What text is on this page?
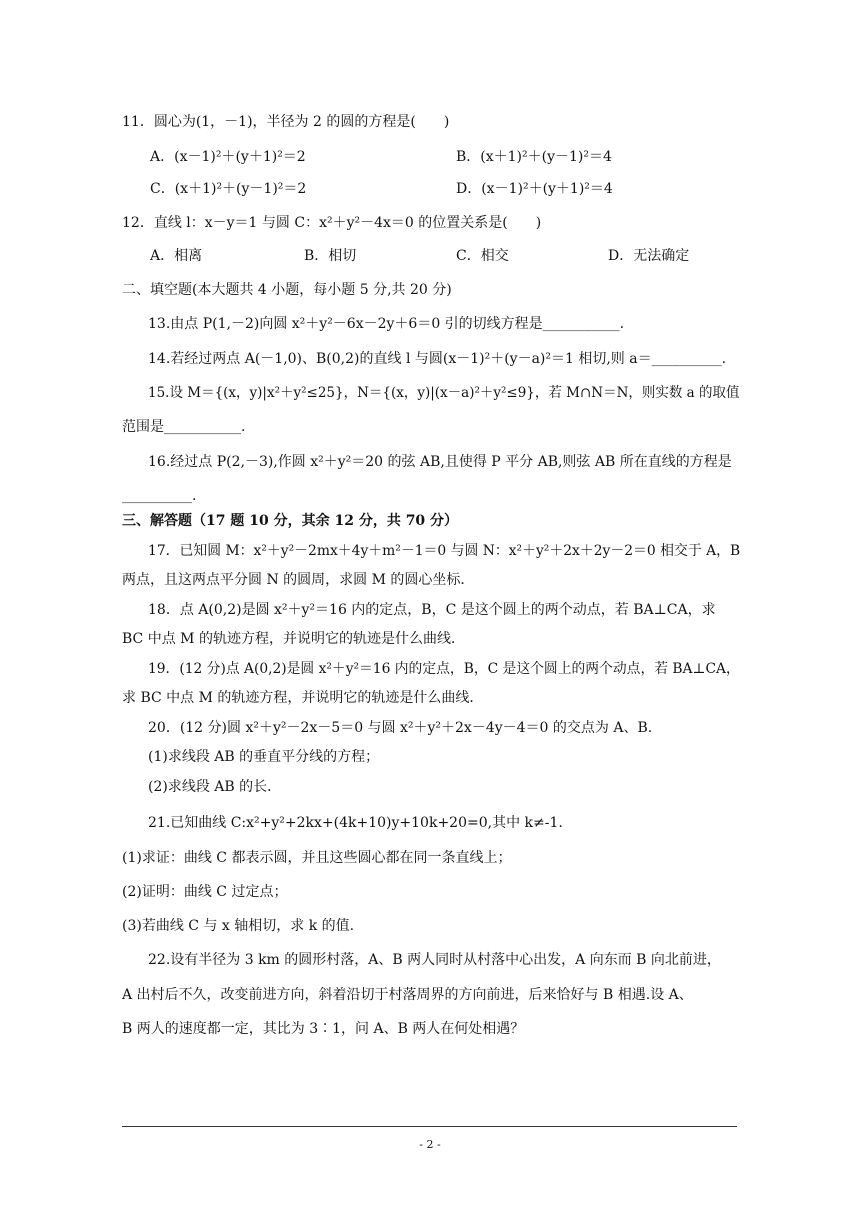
11．圆心为(1，－1)，半径为 2 的圆的方程是(　　)
A．(x－1)²＋(y＋1)²＝2	B．(x＋1)²＋(y－1)²＝4
C．(x＋1)²＋(y－1)²＝2	D．(x－1)²＋(y＋1)²＝4
12．直线 l：x－y＝1 与圆 C：x²＋y²－4x＝0 的位置关系是(　　)
A．相离	B．相切	C．相交	D．无法确定
二、填空题(本大题共 4 小题，每小题 5 分,共 20 分)
13.由点 P(1,－2)向圆 x²＋y²－6x－2y＋6＝0 引的切线方程是___________.
14.若经过两点 A(－1,0)、B(0,2)的直线 l 与圆(x－1)²＋(y－a)²＝1 相切,则 a＝__________.
15.设 M＝{(x，y)|x²＋y²≤25}，N＝{(x，y)|(x－a)²＋y²≤9}，若 M∩N＝N，则实数 a 的取值
范围是___________.
16.经过点 P(2,－3),作圆 x²＋y²＝20 的弦 AB,且使得 P 平分 AB,则弦 AB 所在直线的方程是
__________.
三、解答题（17 题 10 分，其余 12 分，共 70 分）
17．已知圆 M：x²＋y²－2mx＋4y＋m²－1＝0 与圆 N：x²＋y²＋2x＋2y－2＝0 相交于 A，B
两点，且这两点平分圆 N 的圆周，求圆 M 的圆心坐标．
18．点 A(0,2)是圆 x²＋y²＝16 内的定点，B，C 是这个圆上的两个动点，若 BA⊥CA，求
BC 中点 M 的轨迹方程，并说明它的轨迹是什么曲线．
19．(12 分)点 A(0,2)是圆 x²＋y²＝16 内的定点，B，C 是这个圆上的两个动点，若 BA⊥CA，
求 BC 中点 M 的轨迹方程，并说明它的轨迹是什么曲线．
20．(12 分)圆 x²＋y²－2x－5＝0 与圆 x²＋y²＋2x－4y－4＝0 的交点为 A、B.
(1)求线段 AB 的垂直平分线的方程；
(2)求线段 AB 的长．
21.已知曲线 C:x²+y²+2kx+(4k+10)y+10k+20=0,其中 k≠-1.
(1)求证：曲线 C 都表示圆，并且这些圆心都在同一条直线上；
(2)证明：曲线 C 过定点；
(3)若曲线 C 与 x 轴相切，求 k 的值.
22.设有半径为 3 km 的圆形村落，A、B 两人同时从村落中心出发，A 向东而 B 向北前进，
A 出村后不久，改变前进方向，斜着沿切于村落周界的方向前进，后来恰好与 B 相遇.设 A、
B 两人的速度都一定，其比为 3∶1，问 A、B 两人在何处相遇？
- 2 -
